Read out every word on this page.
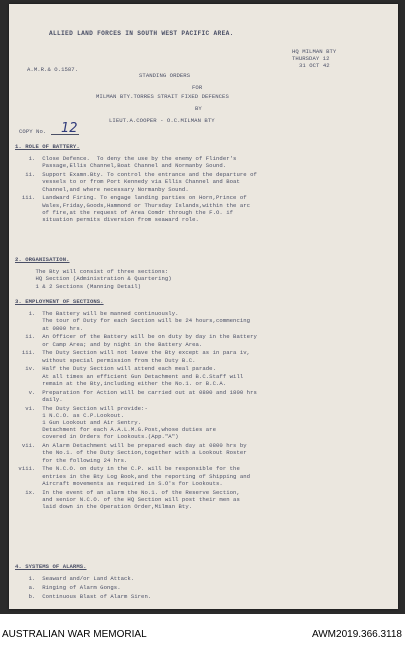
ALLIED LAND FORCES IN SOUTH WEST PACIFIC AREA.
HQ MILMAN BTY
THURSDAY 12
31 OCT 42
A.M.R.& O.1587.
STANDING ORDERS
FOR
MILMAN BTY.TORRES STRAIT FIXED DEFENCES
BY
LIEUT.A.COOPER - O.C.MILMAN BTY
COPY No. 12
1. ROLE OF BATTERY.
i.  Close Defence.  To deny the use by the enemy of Flinder's
Passage,Ellis Channel,Boat Channel and Normanby Sound.
ii.  Support Examn.Bty. To control the entrance and the departure of
vessels to or from Port Kennedy via Ellis Channel and Boat
Channel,and where necessary Normanby Sound.
iii.  Landward Firing. To engage landing parties on Horn,Prince of
Wales,Friday,Goods,Hammond or Thursday Islands,within the arc
of fire,at the request of Area Comdr through the F.O. if
situation permits diversion from seaward role.
2. ORGANISATION.
The Bty will consist of three sections:
HQ Section (Administration & Quartering)
1 & 2 Sections (Manning Detail)
3. EMPLOYMENT OF SECTIONS.
i.  The Battery will be manned continuously.
The tour of Duty for each Section will be 24 hours,commencing
at 0800 hrs.
ii.  An Officer of the Battery will be on duty by day in the Battery
or Camp Area; and by night in the Battery Area.
iii.  The Duty Section will not leave the Bty except as in para iv,
without special permission from the Duty B.C.
iv.  Half the Duty Section will attend each meal parade.
At all times an efficient Gun Detachment and B.C.Staff will
remain at the Bty,including either the No.1. or B.C.A.
v.  Preparation for Action will be carried out at 0800 and 1800 hrs
daily.
vi.  The Duty Section will provide:-
1 N.C.O. as C.P.Lookout.
1 Gun Lookout and Air Sentry.
Detachment for each A.A.L.M.G.Post,whose duties are
covered in Orders for Lookouts.(App."A")
vii.  An Alarm Detachment will be prepared each day at 0800 hrs by
the No.1. of the Duty Section,together with a Lookout Roster
for the following 24 hrs.
viii.  The N.C.O. on duty in the C.P. will be responsible for the
entries in the Bty Log Book,and the reporting of Shipping and
Aircraft movements as required in S.O's for Lookouts.
ix.  In the event of an alarm the No.1. of the Reserve Section,
and senior N.C.O. of the HQ Section will post their men as
laid down in the Operation Order,Milman Bty.
4. SYSTEMS OF ALARMS.
1.  Seaward and/or Land Attack.
a.  Ringing of Alarm Gongs.
b.  Continuous Blast of Alarm Siren.
AUSTRALIAN WAR MEMORIAL	AWM2019.366.3118
